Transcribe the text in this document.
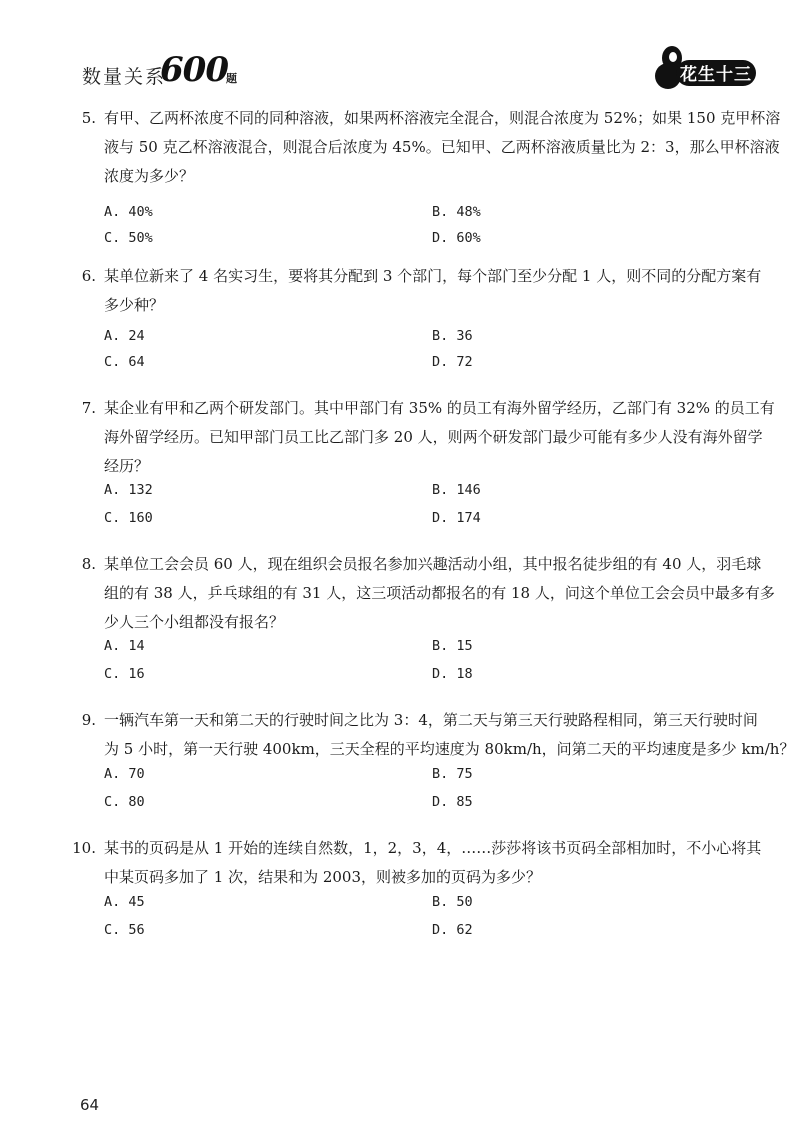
数量关系
600
题	花生十三
5. 有甲、乙两杯浓度不同的同种溶液，如果两杯溶液完全混合，则混合浓度为 52%；如果 150 克甲杯溶
液与 50 克乙杯溶液混合，则混合后浓度为 45%。已知甲、乙两杯溶液质量比为 2：3，那么甲杯溶液
浓度为多少？
A. 40%	B. 48%
C. 50%	D. 60%
6. 某单位新来了 4 名实习生，要将其分配到 3 个部门，每个部门至少分配 1 人，则不同的分配方案有
多少种？
A. 24	B. 36
C. 64	D. 72
7. 某企业有甲和乙两个研发部门。其中甲部门有 35% 的员工有海外留学经历，乙部门有 32% 的员工有
海外留学经历。已知甲部门员工比乙部门多 20 人，则两个研发部门最少可能有多少人没有海外留学
经历？
A. 132	B. 146
C. 160	D. 174
8. 某单位工会会员 60 人，现在组织会员报名参加兴趣活动小组，其中报名徒步组的有 40 人，羽毛球
组的有 38 人，乒乓球组的有 31 人，这三项活动都报名的有 18 人，问这个单位工会会员中最多有多
少人三个小组都没有报名？
A. 14	B. 15
C. 16	D. 18
9. 一辆汽车第一天和第二天的行驶时间之比为 3：4，第二天与第三天行驶路程相同，第三天行驶时间
为 5 小时，第一天行驶 400km，三天全程的平均速度为 80km/h，问第二天的平均速度是多少 km/h？
A. 70	B. 75
C. 80	D. 85
10. 某书的页码是从 1 开始的连续自然数，1，2，3，4，……莎莎将该书页码全部相加时，不小心将其
中某页码多加了 1 次，结果和为 2003，则被多加的页码为多少？
A. 45	B. 50
C. 56	D. 62
64
